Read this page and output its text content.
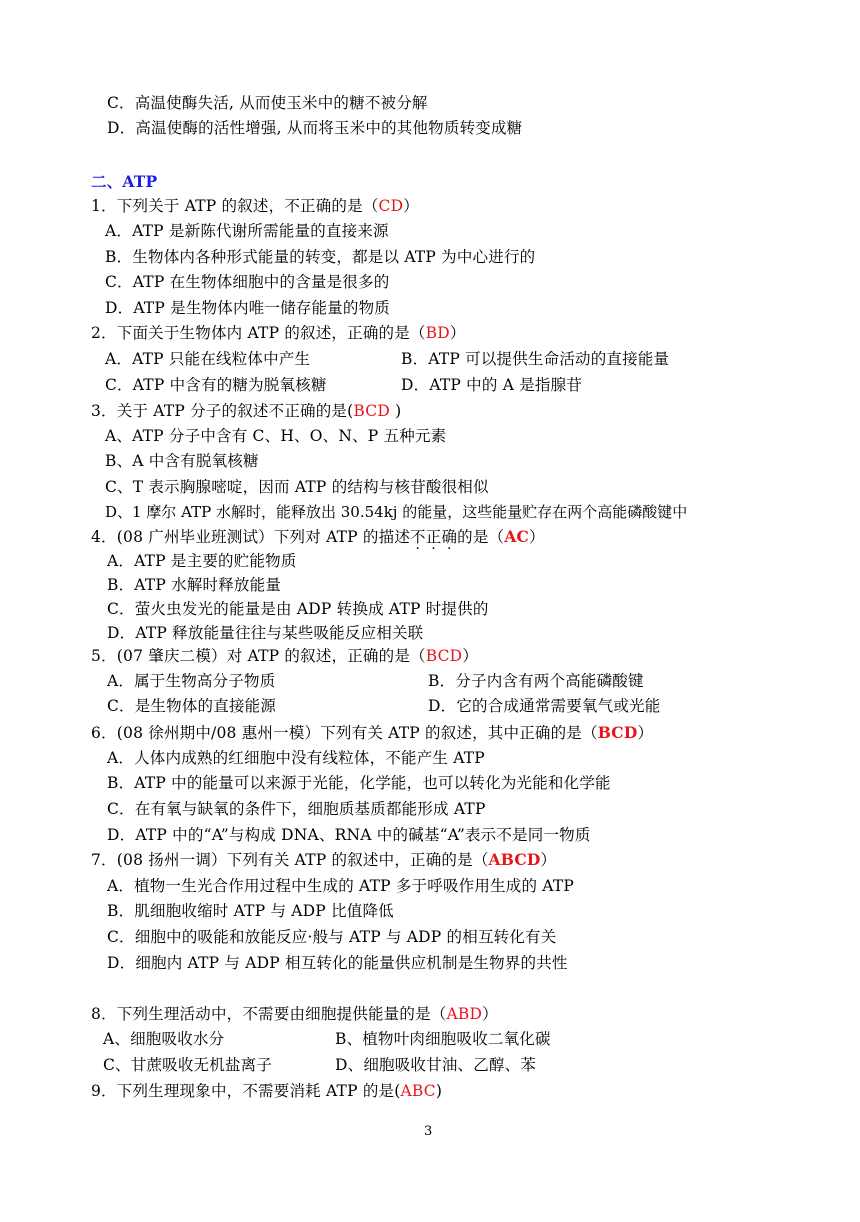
C．高温使酶失活, 从而使玉米中的糖不被分解
D．高温使酶的活性增强, 从而将玉米中的其他物质转变成糖
二、ATP
1．下列关于 ATP 的叙述，不正确的是（CD）
A．ATP 是新陈代谢所需能量的直接来源
B．生物体内各种形式能量的转变，都是以 ATP 为中心进行的
C．ATP 在生物体细胞中的含量是很多的
D．ATP 是生物体内唯一储存能量的物质
2．下面关于生物体内 ATP 的叙述，正确的是（BD）
A．ATP 只能在线粒体中产生	B．ATP 可以提供生命活动的直接能量
C．ATP 中含有的糖为脱氧核糖	D．ATP 中的 A 是指腺苷
3．关于 ATP 分子的叙述不正确的是(BCD )
A、ATP 分子中含有 C、H、O、N、P 五种元素
B、A 中含有脱氧核糖
C、T 表示胸腺嘧啶，因而 ATP 的结构与核苷酸很相似
D、1 摩尔 ATP 水解时，能释放出 30.54kj 的能量，这些能量贮存在两个高能磷酸键中
4．(08 广州毕业班测试）下列对 ATP 的描述不正确的是（AC）
A．ATP 是主要的贮能物质
B．ATP 水解时释放能量
C．萤火虫发光的能量是由 ADP 转换成 ATP 时提供的
D．ATP 释放能量往往与某些吸能反应相关联
5．(07 肇庆二模）对 ATP 的叙述，正确的是（BCD）
A．属于生物高分子物质	B．分子内含有两个高能磷酸键
C．是生物体的直接能源	D．它的合成通常需要氧气或光能
6．(08 徐州期中/08 惠州一模）下列有关 ATP 的叙述，其中正确的是（BCD）
A．人体内成熟的红细胞中没有线粒体，不能产生 ATP
B．ATP 中的能量可以来源于光能，化学能，也可以转化为光能和化学能
C．在有氧与缺氧的条件下，细胞质基质都能形成 ATP
D．ATP 中的“A”与构成 DNA、RNA 中的碱基“A”表示不是同一物质
7．(08 扬州一调）下列有关 ATP 的叙述中，正确的是（ABCD）
A．植物一生光合作用过程中生成的 ATP 多于呼吸作用生成的 ATP
B．肌细胞收缩时 ATP 与 ADP 比值降低
C．细胞中的吸能和放能反应·般与 ATP 与 ADP 的相互转化有关
D．细胞内 ATP 与 ADP 相互转化的能量供应机制是生物界的共性
8．下列生理活动中，不需要由细胞提供能量的是（ABD）
A、细胞吸收水分	B、植物叶肉细胞吸收二氧化碳
C、甘蔗吸收无机盐离子	D、细胞吸收甘油、乙醇、苯
9．下列生理现象中，不需要消耗 ATP 的是(ABC)
3
